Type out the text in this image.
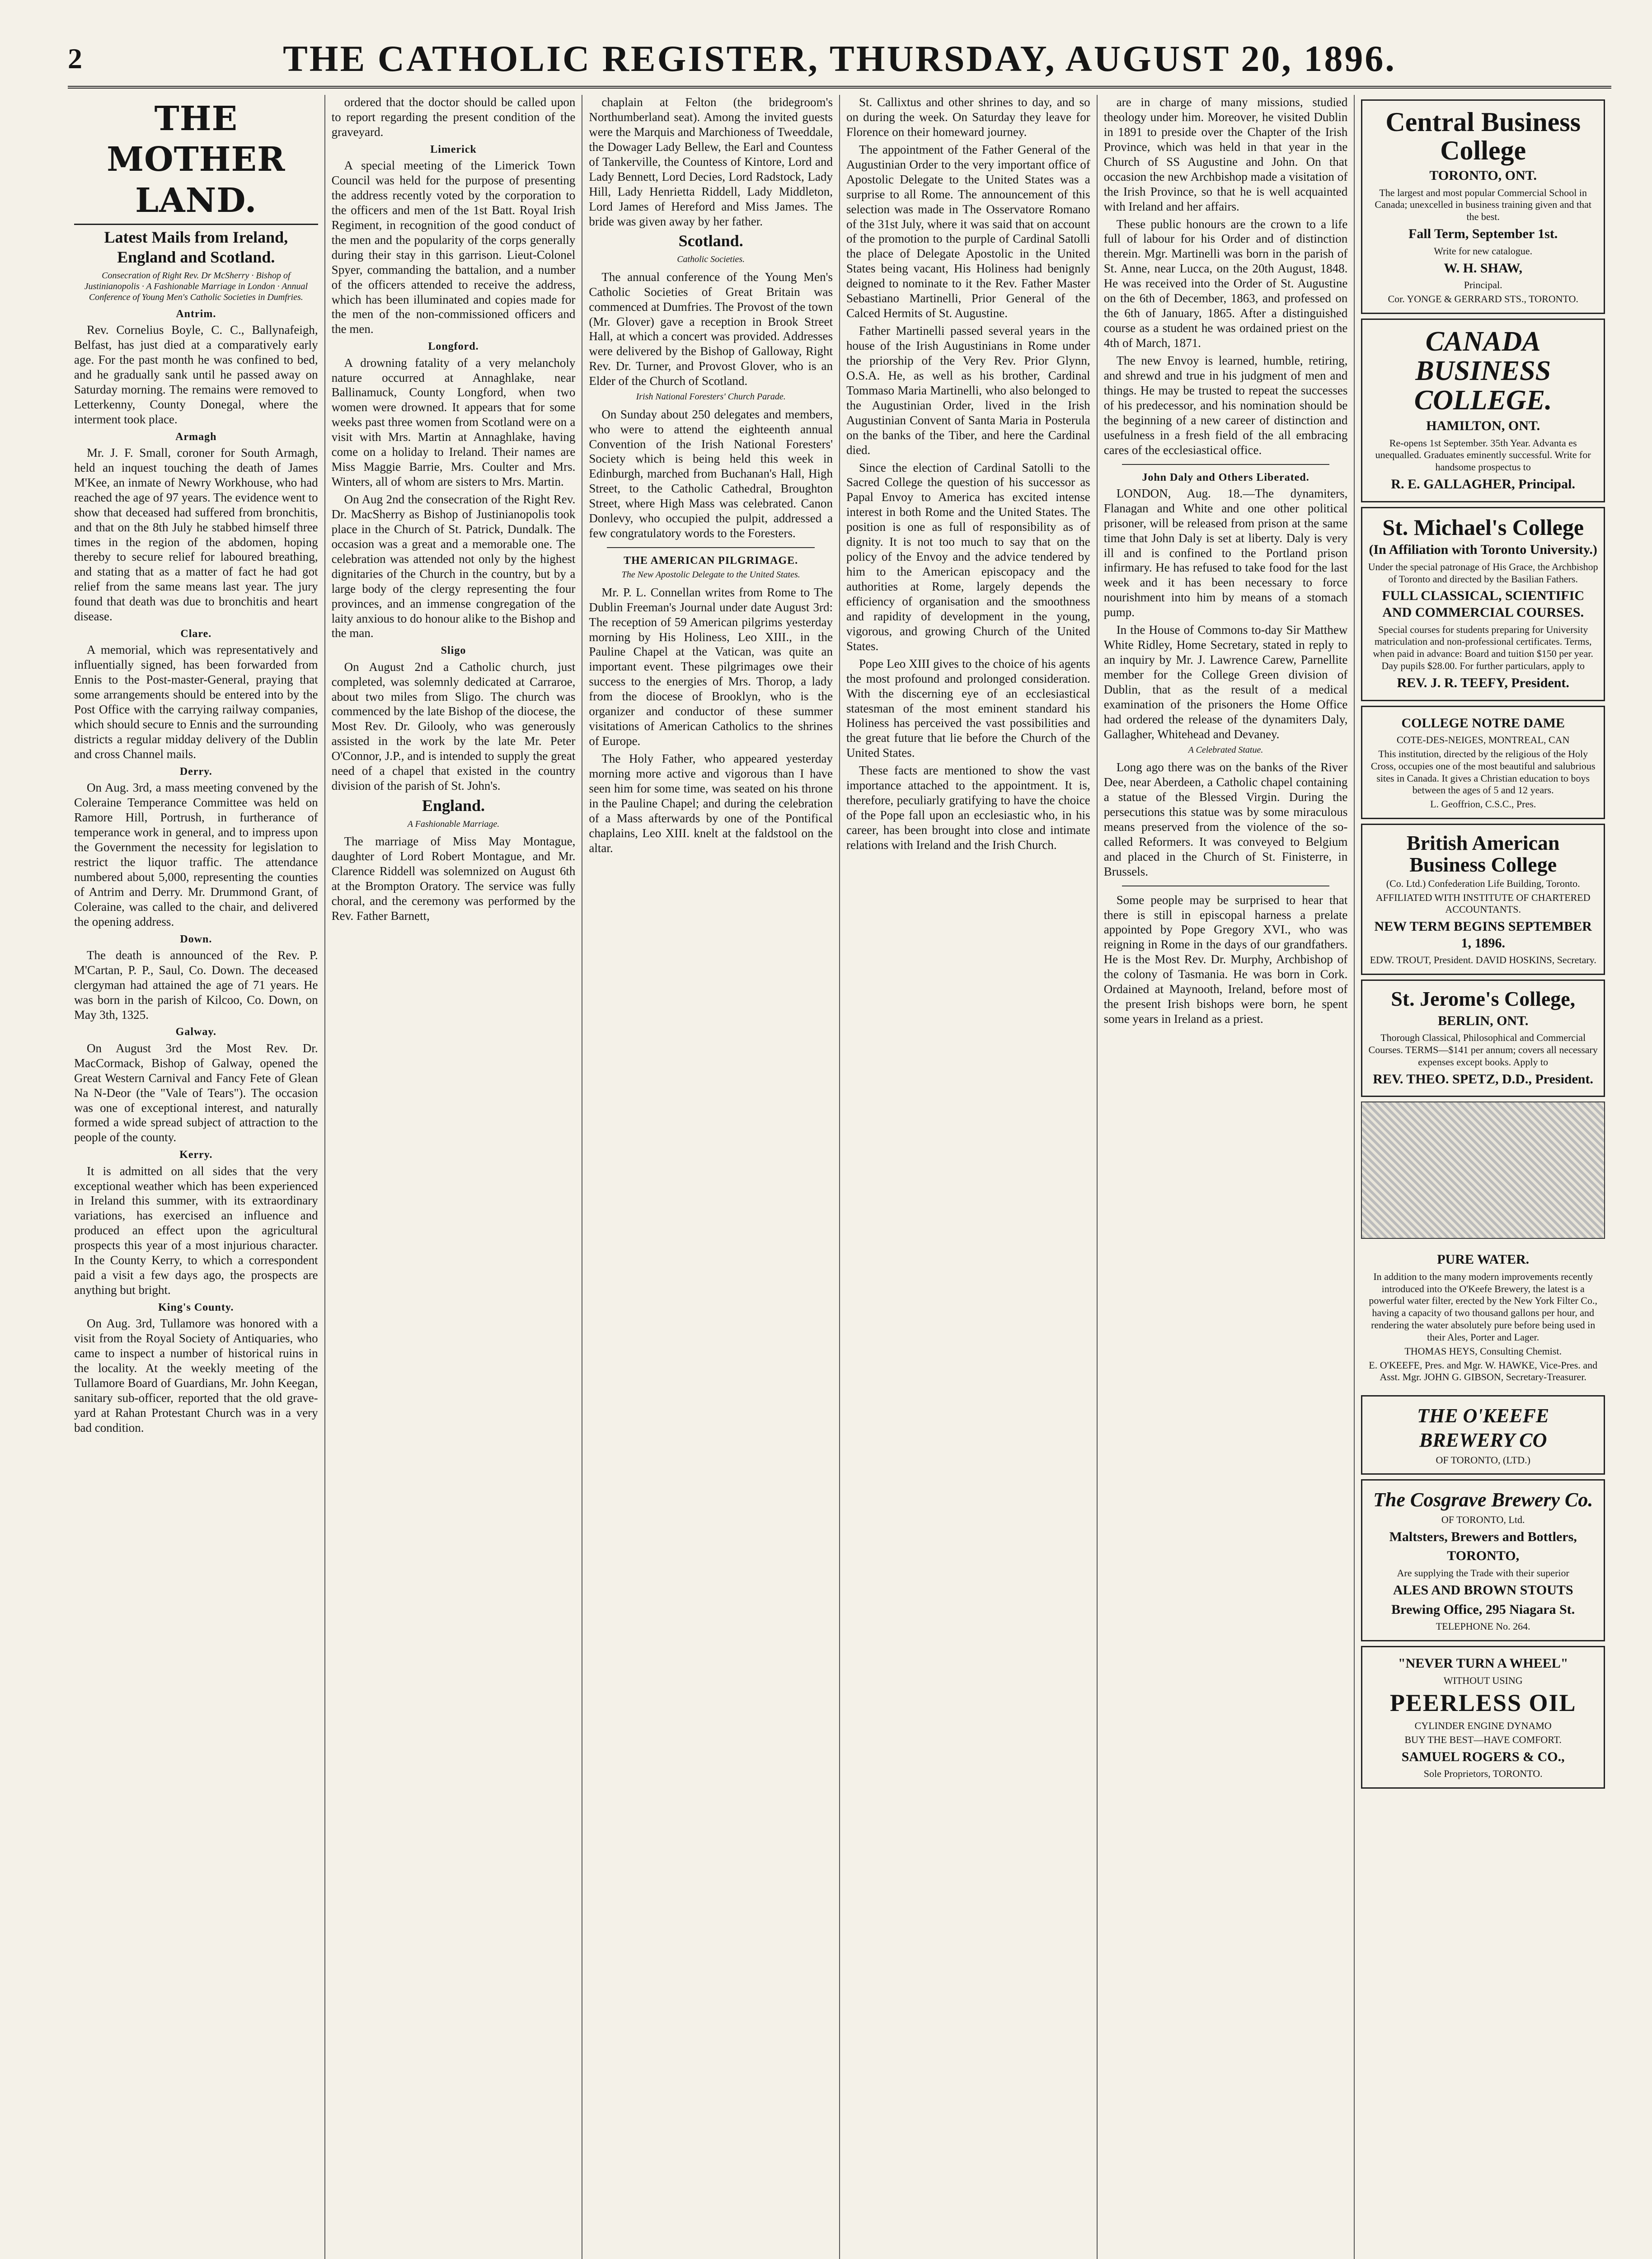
2	THE CATHOLIC REGISTER, THURSDAY, AUGUST 20, 1896.
THE MOTHER LAND.
Latest Mails from Ireland, England and Scotland.
Consecration of Right Rev. Dr McSherry · Bishop of Justinianopolis · A Fashionable Marriage in London · Annual Conference of Young Men's Catholic Societies in Dumfries.
Antrim.

Rev. Cornelius Boyle, C. C., Ballynafeigh, Belfast, has just died at a comparatively early age. For the past month he was confined to bed, and he gradually sank until he passed away on Saturday morning. The remains were removed to Letterkenny, County Donegal, where the interment took place.

Armagh

Mr. J. F. Small, coroner for South Armagh, held an inquest touching the death of James M'Kee, an inmate of Newry Workhouse, who had reached the age of 97 years. The evidence went to show that deceased had suffered from bronchitis, and that on the 8th July he stabbed himself three times in the region of the abdomen, hoping thereby to secure relief for laboured breathing, and stating that as a matter of fact he had got relief from the same means last year. The jury found that death was due to bronchitis and heart disease.

Clare.

A memorial, which was representatively and influentially signed, has been forwarded from Ennis to the Post-master-General, praying that some arrangements should be entered into by the Post Office with the carrying railway companies, which should secure to Ennis and the surrounding districts a regular midday delivery of the Dublin and cross Channel mails.

Derry.

On Aug. 3rd, a mass meeting convened by the Coleraine Temperance Committee was held on Ramore Hill, Portrush, in furtherance of temperance work in general, and to impress upon the Government the necessity for legislation to restrict the liquor traffic. The attendance numbered about 5,000, representing the counties of Antrim and Derry. Mr. Drummond Grant, of Coleraine, was called to the chair, and delivered the opening address.

Down.

The death is announced of the Rev. P. M'Cartan, P. P., Saul, Co. Down. The deceased clergyman had attained the age of 71 years. He was born in the parish of Kilcoo, Co. Down, on May 3th, 1325.

Galway.

On August 3rd the Most Rev. Dr. MacCormack, Bishop of Galway, opened the Great Western Carnival and Fancy Fete of Glean Na N-Deor (the "Vale of Tears"). The occasion was one of exceptional interest, and naturally formed a wide spread subject of attraction to the people of the county.

Kerry.

It is admitted on all sides that the very exceptional weather which has been experienced in Ireland this summer, with its extraordinary variations, has exercised an influence and produced an effect upon the agricultural prospects this year of a most injurious character. In the County Kerry, to which a correspondent paid a visit a few days ago, the prospects are anything but bright.

King's County.

On Aug. 3rd, Tullamore was honored with a visit from the Royal Society of Antiquaries, who came to inspect a number of historical ruins in the locality. At the weekly meeting of the Tullamore Board of Guardians, Mr. John Keegan, sanitary sub-officer, reported that the old grave-yard at Rahan Protestant Church was in a very bad condition.

ordered that the doctor should be called upon to report regarding the present condition of the graveyard.

Limerick

A special meeting of the Limerick Town Council was held for the purpose of presenting the address recently voted by the corporation to the officers and men of the 1st Batt. Royal Irish Regiment, in recognition of the good conduct of the men and the popularity of the corps generally during their stay in this garrison. Lieut-Colonel Spyer, commanding the battalion, and a number of the officers attended to receive the address, which has been illuminated and copies made for the men of the non-commissioned officers and the men.

Longford.

A drowning fatality of a very melancholy nature occurred at Annaghlake, near Ballinamuck, County Longford, when two women were drowned. It appears that for some weeks past three women from Scotland were on a visit with Mrs. Martin at Annaghlake, having come on a holiday to Ireland. Their names are Miss Maggie Barrie, Mrs. Coulter and Mrs. Winters, all of whom are sisters to Mrs. Martin.

On Aug 2nd the consecration of the Right Rev. Dr. MacSherry as Bishop of Justinianopolis took place in the Church of St. Patrick, Dundalk. The occasion was a great and a memorable one. The celebration was attended not only by the highest dignitaries of the Church in the country, but by a large body of the clergy representing the four provinces, and an immense congregation of the laity anxious to do honour alike to the Bishop and the man.

Sligo

On August 2nd a Catholic church, just completed, was solemnly dedicated at Carraroe, about two miles from Sligo. The church was commenced by the late Bishop of the diocese, the Most Rev. Dr. Gilooly, who was generously assisted in the work by the late Mr. Peter O'Connor, J.P., and is intended to supply the great need of a chapel that existed in the country division of the parish of St. John's.

England.
A Fashionable Marriage.

The marriage of Miss May Montague, daughter of Lord Robert Montague, and Mr. Clarence Riddell was solemnized on August 6th at the Brompton Oratory. The service was fully choral, and the ceremony was performed by the Rev. Father Barnett,

chaplain at Felton (the bridegroom's Northumberland seat). Among the invited guests were the Marquis and Marchioness of Tweeddale, the Dowager Lady Bellew, the Earl and Countess of Tankerville, the Countess of Kintore, Lord and Lady Bennett, Lord Decies, Lord Radstock, Lady Hill, Lady Henrietta Riddell, Lady Middleton, Lord James of Hereford and Miss James. The bride was given away by her father.

Scotland.
Catholic Societies.

The annual conference of the Young Men's Catholic Societies of Great Britain was commenced at Dumfries. The Provost of the town (Mr. Glover) gave a reception in Brook Street Hall, at which a concert was provided. Addresses were delivered by the Bishop of Galloway, Right Rev. Dr. Turner, and Provost Glover, who is an Elder of the Church of Scotland.

Irish National Foresters' Church Parade.

On Sunday about 250 delegates and members, who were to attend the eighteenth annual Convention of the Irish National Foresters' Society which is being held this week in Edinburgh, marched from Buchanan's Hall, High Street, to the Catholic Cathedral, Broughton Street, where High Mass was celebrated. Canon Donlevy, who occupied the pulpit, addressed a few congratulatory words to the Foresters.

THE AMERICAN PILGRIMAGE.
The New Apostolic Delegate to the United States.

Mr. P. L. Connellan writes from Rome to The Dublin Freeman's Journal under date August 3rd: The reception of 59 American pilgrims yesterday morning by His Holiness, Leo XIII., in the Pauline Chapel at the Vatican, was quite an important event. These pilgrimages owe their success to the energies of Mrs. Thorop, a lady from the diocese of Brooklyn, who is the organizer and conductor of these summer visitations of American Catholics to the shrines of Europe.

The Holy Father, who appeared yesterday morning more active and vigorous than I have seen him for some time, was seated on his throne in the Pauline Chapel; and during the celebration of a Mass afterwards by one of the Pontifical chaplains, Leo XIII. knelt at the faldstool on the altar.

St. Callixtus and other shrines to day, and so on during the week. On Saturday they leave for Florence on their homeward journey.

The appointment of the Father General of the Augustinian Order to the very important office of Apostolic Delegate to the United States was a surprise to all Rome. The announcement of this selection was made in The Osservatore Romano of the 31st July, where it was said that on account of the promotion to the purple of Cardinal Satolli the place of Delegate Apostolic in the United States being vacant, His Holiness had benignly deigned to nominate to it the Rev. Father Master Sebastiano Martinelli, Prior General of the Calced Hermits of St. Augustine.

Father Martinelli passed several years in the house of the Irish Augustinians in Rome under the priorship of the Very Rev. Prior Glynn, O.S.A. He, as well as his brother, Cardinal Tommaso Maria Martinelli, who also belonged to the Augustinian Order, lived in the Irish Augustinian Convent of Santa Maria in Posterula on the banks of the Tiber, and here the Cardinal died.

Since the election of Cardinal Satolli to the Sacred College the question of his successor as Papal Envoy to America has excited intense interest in both Rome and the United States. The position is one as full of responsibility as of dignity. It is not too much to say that on the policy of the Envoy and the advice tendered by him to the American episcopacy and the authorities at Rome, largely depends the efficiency of organisation and the smoothness and rapidity of development in the young, vigorous, and growing Church of the United States.

Pope Leo XIII gives to the choice of his agents the most profound and prolonged consideration. With the discerning eye of an ecclesiastical statesman of the most eminent standard his Holiness has perceived the vast possibilities and the great future that lie before the Church of the United States.

These facts are mentioned to show the vast importance attached to the appointment. It is, therefore, peculiarly gratifying to have the choice of the Pope fall upon an ecclesiastic who, in his career, has been brought into close and intimate relations with Ireland and the Irish Church.

are in charge of many missions, studied theology under him. Moreover, he visited Dublin in 1891 to preside over the Chapter of the Irish Province, which was held in that year in the Church of SS Augustine and John. On that occasion the new Archbishop made a visitation of the Irish Province, so that he is well acquainted with Ireland and her affairs.

These public honours are the crown to a life full of labour for his Order and of distinction therein. Mgr. Martinelli was born in the parish of St. Anne, near Lucca, on the 20th August, 1848. He was received into the Order of St. Augustine on the 6th of December, 1863, and professed on the 6th of January, 1865. After a distinguished course as a student he was ordained priest on the 4th of March, 1871.

The new Envoy is learned, humble, retiring, and shrewd and true in his judgment of men and things. He may be trusted to repeat the successes of his predecessor, and his nomination should be the beginning of a new career of distinction and usefulness in a fresh field of the all embracing cares of the ecclesiastical office.

John Daly and Others Liberated.

LONDON, Aug. 18.—The dynamiters, Flanagan and White and one other political prisoner, will be released from prison at the same time that John Daly is set at liberty. Daly is very ill and is confined to the Portland prison infirmary. He has refused to take food for the last week and it has been necessary to force nourishment into him by means of a stomach pump.

In the House of Commons to-day Sir Matthew White Ridley, Home Secretary, stated in reply to an inquiry by Mr. J. Lawrence Carew, Parnellite member for the College Green division of Dublin, that as the result of a medical examination of the prisoners the Home Office had ordered the release of the dynamiters Daly, Gallagher, Whitehead and Devaney.

A Celebrated Statue.

Long ago there was on the banks of the River Dee, near Aberdeen, a Catholic chapel containing a statue of the Blessed Virgin. During the persecutions this statue was by some miraculous means preserved from the violence of the so-called Reformers. It was conveyed to Belgium and placed in the Church of St. Finisterre, in Brussels.

Some people may be surprised to hear that there is still in episcopal harness a prelate appointed by Pope Gregory XVI., who was reigning in Rome in the days of our grandfathers. He is the Most Rev. Dr. Murphy, Archbishop of the colony of Tasmania. He was born in Cork. Ordained at Maynooth, Ireland, before most of the present Irish bishops were born, he spent some years in Ireland as a priest.

Central Business College
TORONTO, ONT.
The largest and most popular Commercial School in Canada; unexcelled in business training given and that the best.
Fall Term, September 1st.
Write for new catalogue.
W. H. SHAW,
Principal.
Cor. YONGE & GERRARD STS., TORONTO.
CANADA BUSINESS COLLEGE.
HAMILTON, ONT.
Re-opens 1st September. 35th Year. Advanta es unequalled. Graduates eminently successful. Write for handsome prospectus to
R. E. GALLAGHER, Principal.
St. Michael's College
(In Affiliation with Toronto University.)
Under the special patronage of His Grace, the Archbishop of Toronto and directed by the Basilian Fathers.
FULL CLASSICAL, SCIENTIFIC AND COMMERCIAL COURSES.
Special courses for students preparing for University matriculation and non-professional certificates. Terms, when paid in advance: Board and tuition $150 per year. Day pupils $28.00. For further particulars, apply to
REV. J. R. TEEFY, President.
COLLEGE NOTRE DAME
COTE-DES-NEIGES, MONTREAL, CAN
This institution, directed by the religious of the Holy Cross, occupies one of the most beautiful and salubrious sites in Canada. It gives a Christian education to boys between the ages of 5 and 12 years.
L. Geoffrion, C.S.C., Pres.
British American Business College
(Co. Ltd.) Confederation Life Building, Toronto.
AFFILIATED WITH INSTITUTE OF CHARTERED ACCOUNTANTS.
NEW TERM BEGINS SEPTEMBER 1, 1896.
EDW. TROUT, President. DAVID HOSKINS, Secretary.
St. Jerome's College,
BERLIN, ONT.
Thorough Classical, Philosophical and Commercial Courses. TERMS—$141 per annum; covers all necessary expenses except books. Apply to
REV. THEO. SPETZ, D.D., President.
PURE WATER.
In addition to the many modern improvements recently introduced into the O'Keefe Brewery, the latest is a powerful water filter, erected by the New York Filter Co., having a capacity of two thousand gallons per hour, and rendering the water absolutely pure before being used in their Ales, Porter and Lager.
THOMAS HEYS, Consulting Chemist.
E. O'KEEFE, Pres. and Mgr. W. HAWKE, Vice-Pres. and Asst. Mgr. JOHN G. GIBSON, Secretary-Treasurer.
THE O'KEEFE BREWERY CO
OF TORONTO, (LTD.)
The Cosgrave Brewery Co.
OF TORONTO, Ltd.
Maltsters, Brewers and Bottlers,
TORONTO,
Are supplying the Trade with their superior
ALES AND BROWN STOUTS
Brewing Office, 295 Niagara St.
TELEPHONE No. 264.
"NEVER TURN A WHEEL"
WITHOUT USING
PEERLESS OIL
CYLINDER ENGINE DYNAMO
BUY THE BEST—HAVE COMFORT.
SAMUEL ROGERS & CO.,
Sole Proprietors, TORONTO.
